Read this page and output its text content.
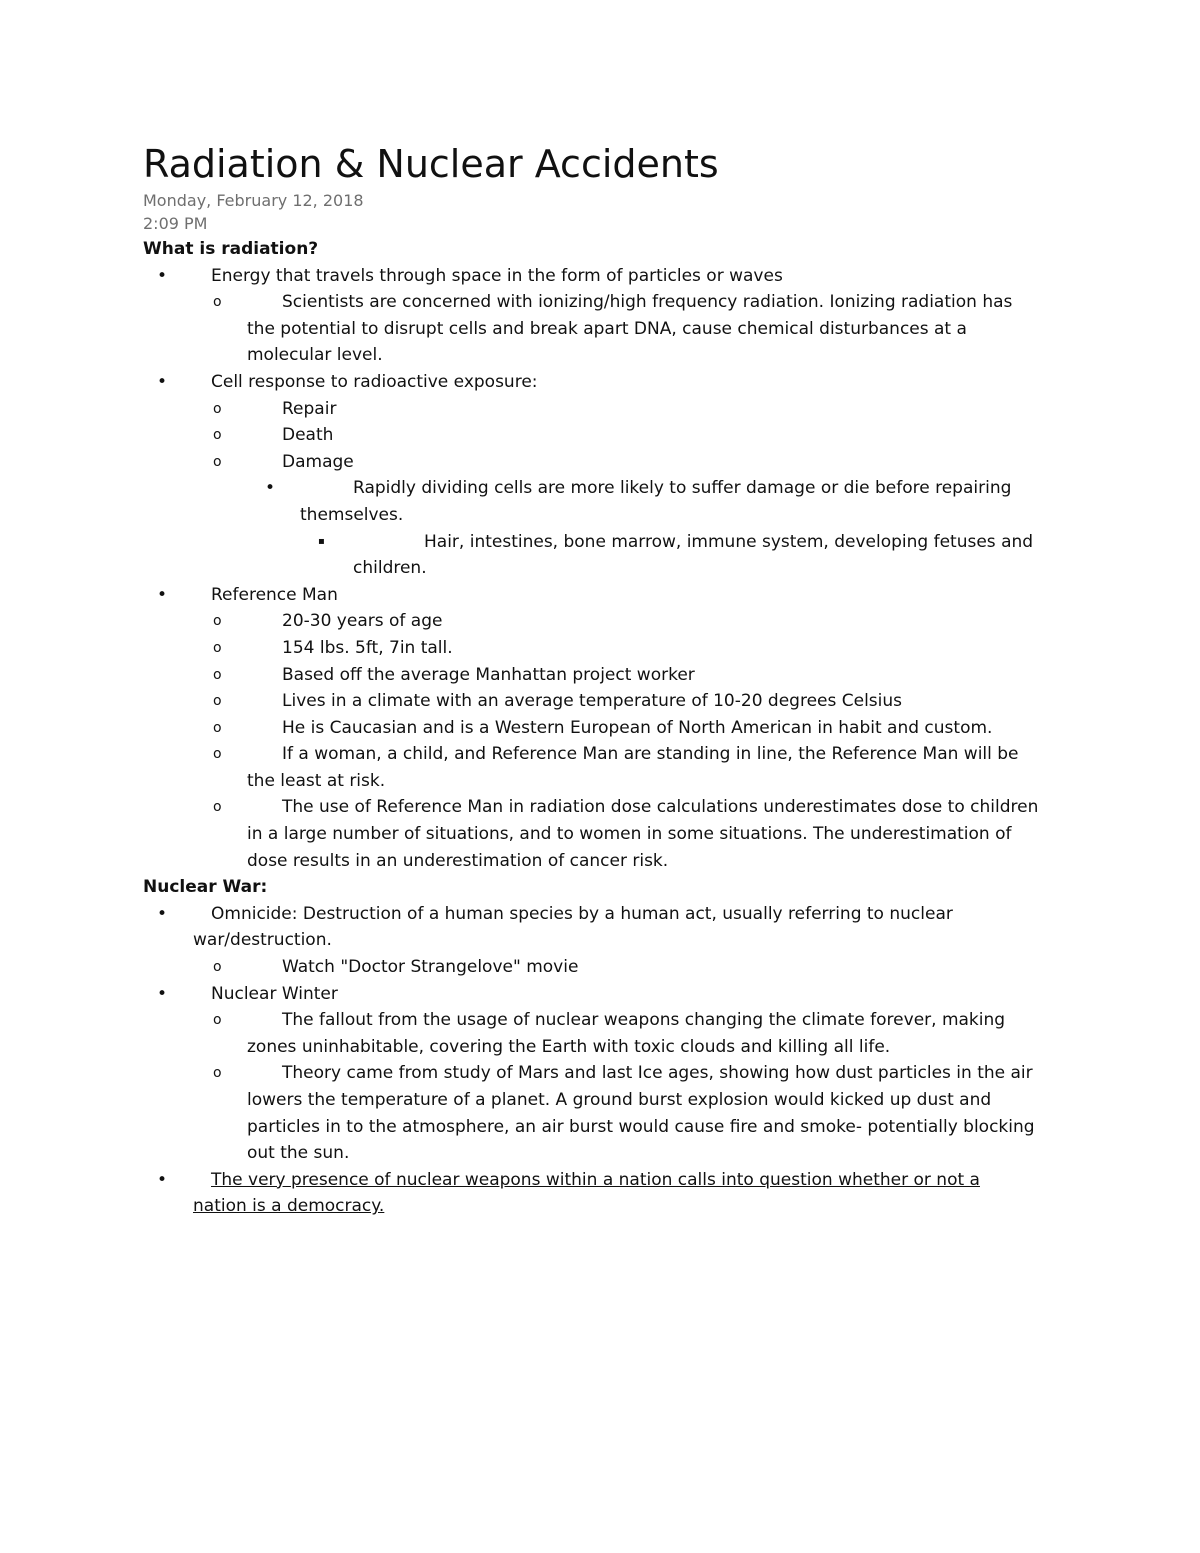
Radiation & Nuclear Accidents
Monday, February 12, 2018
2:09 PM
What is radiation?
•	Energy that travels through space in the form of particles or waves
o	Scientists are concerned with ionizing/high frequency radiation. Ionizing radiation has
the potential to disrupt cells and break apart DNA, cause chemical disturbances at a
molecular level.
•	Cell response to radioactive exposure:
o	Repair
o	Death
o	Damage
•	Rapidly dividing cells are more likely to suffer damage or die before repairing
themselves.
▪	Hair, intestines, bone marrow, immune system, developing fetuses and
children.
•	Reference Man
o	20-30 years of age
o	154 lbs. 5ft, 7in tall.
o	Based off the average Manhattan project worker
o	Lives in a climate with an average temperature of 10-20 degrees Celsius
o	He is Caucasian and is a Western European of North American in habit and custom.
o	If a woman, a child, and Reference Man are standing in line, the Reference Man will be
the least at risk.
o	The use of Reference Man in radiation dose calculations underestimates dose to children
in a large number of situations, and to women in some situations. The underestimation of
dose results in an underestimation of cancer risk.
Nuclear War:
•	Omnicide: Destruction of a human species by a human act, usually referring to nuclear
war/destruction.
o	Watch "Doctor Strangelove" movie
•	Nuclear Winter
o	The fallout from the usage of nuclear weapons changing the climate forever, making
zones uninhabitable, covering the Earth with toxic clouds and killing all life.
o	Theory came from study of Mars and last Ice ages, showing how dust particles in the air
lowers the temperature of a planet. A ground burst explosion would kicked up dust and
particles in to the atmosphere, an air burst would cause fire and smoke- potentially blocking
out the sun.
•	The very presence of nuclear weapons within a nation calls into question whether or not a
nation is a democracy.
